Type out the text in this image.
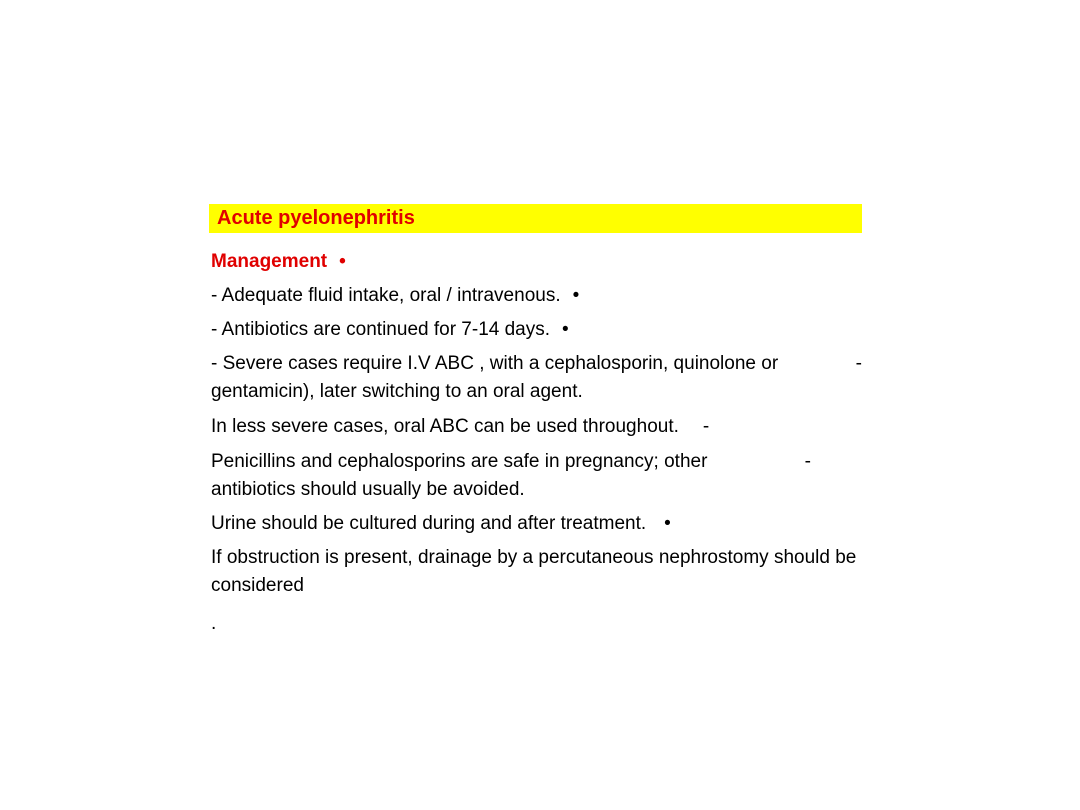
Acute pyelonephritis
Management •
- Adequate fluid intake, oral / intravenous. •
- Antibiotics are continued for 7-14 days. •
- Severe cases require I.V ABC , with a cephalosporin, quinolone or gentamicin), later switching to an oral agent.
-
In less severe cases, oral ABC can be used throughout. -
Penicillins and cephalosporins are safe in pregnancy; other antibiotics should usually be avoided.
-
Urine should be cultured during and after treatment. •
If obstruction is present, drainage by a percutaneous nephrostomy should be considered
.
